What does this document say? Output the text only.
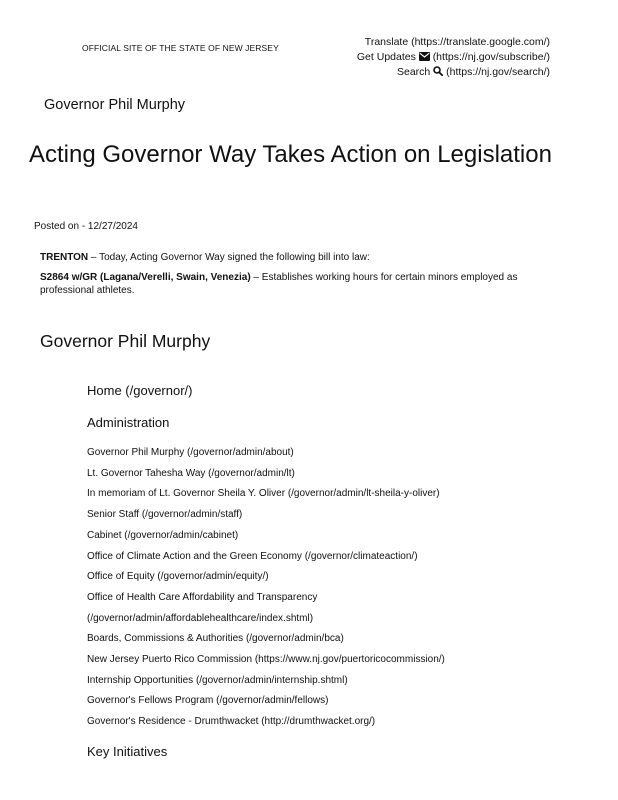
OFFICIAL SITE OF THE STATE OF NEW JERSEY	Translate (https://translate.google.com/)
Get Updates (https://nj.gov/subscribe/)
Search (https://nj.gov/search/)
Governor Phil Murphy
Acting Governor Way Takes Action on Legislation
Posted on - 12/27/2024

TRENTON – Today, Acting Governor Way signed the following bill into law:

S2864 w/GR (Lagana/Verelli, Swain, Venezia) – Establishes working hours for certain minors employed as professional athletes.

Governor Phil Murphy
Home (/governor/)
Administration
Governor Phil Murphy (/governor/admin/about)
Lt. Governor Tahesha Way (/governor/admin/lt)
In memoriam of Lt. Governor Sheila Y. Oliver (/governor/admin/lt-sheila-y-oliver)
Senior Staff (/governor/admin/staff)
Cabinet (/governor/admin/cabinet)
Office of Climate Action and the Green Economy (/governor/climateaction/)
Office of Equity (/governor/admin/equity/)
Office of Health Care Affordability and Transparency
(/governor/admin/affordablehealthcare/index.shtml)
Boards, Commissions & Authorities (/governor/admin/bca)
New Jersey Puerto Rico Commission (https://www.nj.gov/puertoricocommission/)
Internship Opportunities (/governor/admin/internship.shtml)
Governor's Fellows Program (/governor/admin/fellows)
Governor's Residence - Drumthwacket (http://drumthwacket.org/)
Key Initiatives
